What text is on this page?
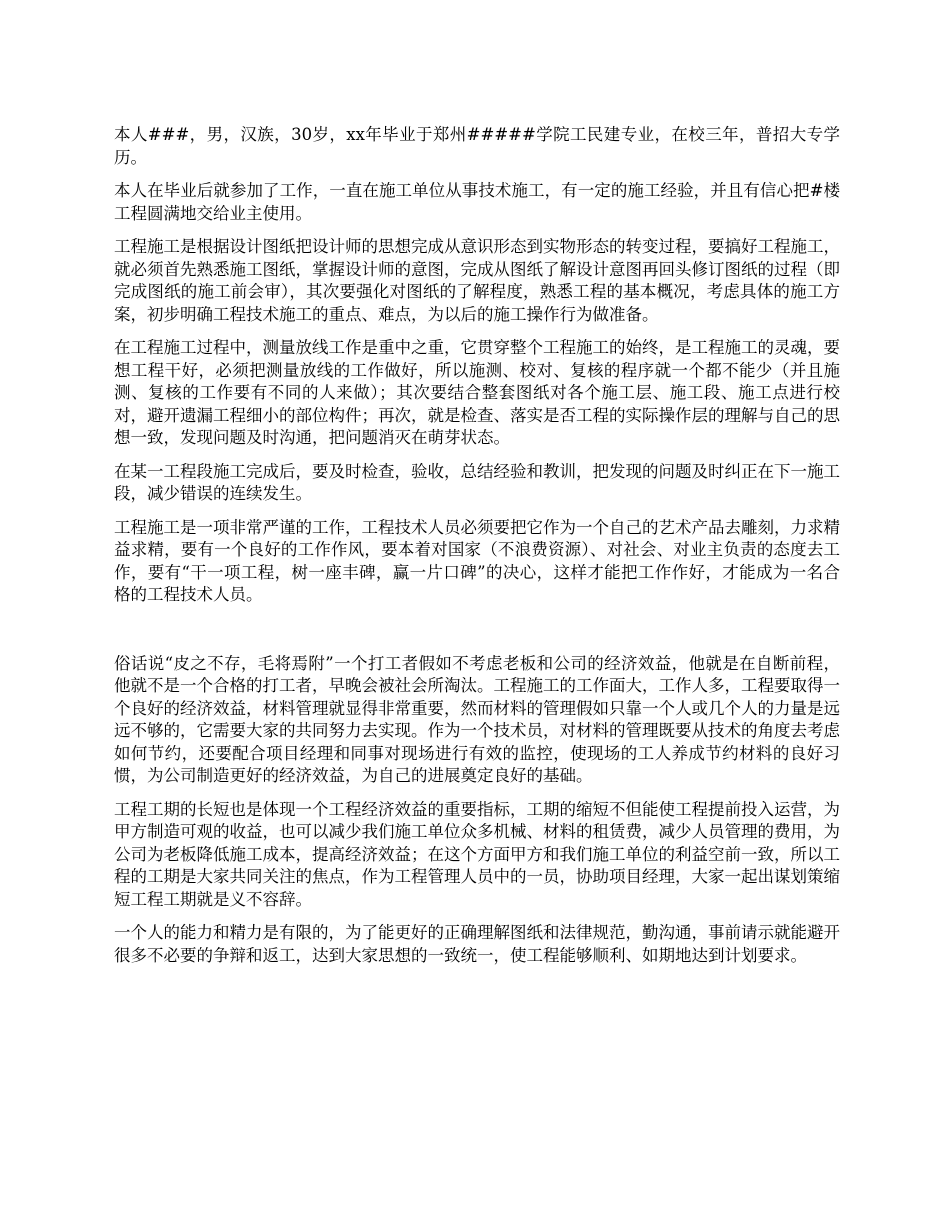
本人###，男，汉族，30岁，xx年毕业于郑州#####学院工民建专业，在校三年，普招大专学历。

本人在毕业后就参加了工作，一直在施工单位从事技术施工，有一定的施工经验，并且有信心把#楼工程圆满地交给业主使用。

工程施工是根据设计图纸把设计师的思想完成从意识形态到实物形态的转变过程，要搞好工程施工，就必须首先熟悉施工图纸，掌握设计师的意图，完成从图纸了解设计意图再回头修订图纸的过程（即完成图纸的施工前会审），其次要强化对图纸的了解程度，熟悉工程的基本概况，考虑具体的施工方案，初步明确工程技术施工的重点、难点，为以后的施工操作行为做准备。

在工程施工过程中，测量放线工作是重中之重，它贯穿整个工程施工的始终，是工程施工的灵魂，要想工程干好，必须把测量放线的工作做好，所以施测、校对、复核的程序就一个都不能少（并且施测、复核的工作要有不同的人来做）；其次要结合整套图纸对各个施工层、施工段、施工点进行校对，避开遗漏工程细小的部位构件；再次，就是检查、落实是否工程的实际操作层的理解与自己的思想一致，发现问题及时沟通，把问题消灭在萌芽状态。

在某一工程段施工完成后，要及时检查，验收，总结经验和教训，把发现的问题及时纠正在下一施工段，减少错误的连续发生。

工程施工是一项非常严谨的工作，工程技术人员必须要把它作为一个自己的艺术产品去雕刻，力求精益求精，要有一个良好的工作作风，要本着对国家（不浪费资源）、对社会、对业主负责的态度去工作，要有“干一项工程，树一座丰碑，赢一片口碑”的决心，这样才能把工作作好，才能成为一名合格的工程技术人员。

俗话说“皮之不存，毛将焉附”一个打工者假如不考虑老板和公司的经济效益，他就是在自断前程，他就不是一个合格的打工者，早晚会被社会所淘汰。工程施工的工作面大，工作人多，工程要取得一个良好的经济效益，材料管理就显得非常重要，然而材料的管理假如只靠一个人或几个人的力量是远远不够的，它需要大家的共同努力去实现。作为一个技术员，对材料的管理既要从技术的角度去考虑如何节约，还要配合项目经理和同事对现场进行有效的监控，使现场的工人养成节约材料的良好习惯，为公司制造更好的经济效益，为自己的进展奠定良好的基础。

工程工期的长短也是体现一个工程经济效益的重要指标，工期的缩短不但能使工程提前投入运营，为甲方制造可观的收益，也可以减少我们施工单位众多机械、材料的租赁费，减少人员管理的费用，为公司为老板降低施工成本，提高经济效益；在这个方面甲方和我们施工单位的利益空前一致，所以工程的工期是大家共同关注的焦点，作为工程管理人员中的一员，协助项目经理，大家一起出谋划策缩短工程工期就是义不容辞。

一个人的能力和精力是有限的，为了能更好的正确理解图纸和法律规范，勤沟通，事前请示就能避开很多不必要的争辩和返工，达到大家思想的一致统一，使工程能够顺利、如期地达到计划要求。
